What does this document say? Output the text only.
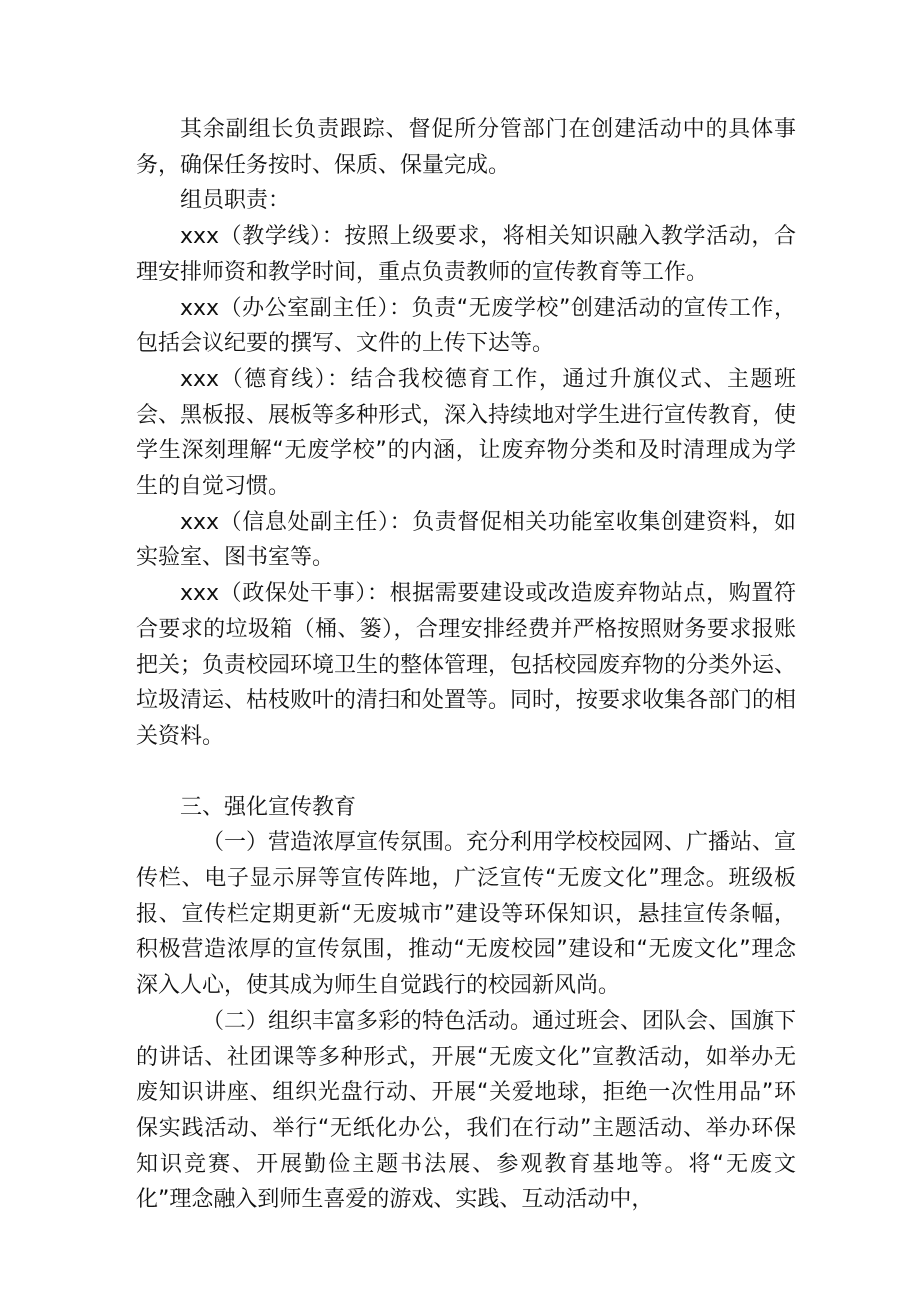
其余副组长负责跟踪、督促所分管部门在创建活动中的具体事务，确保任务按时、保质、保量完成。

组员职责：

xxx（教学线）：按照上级要求，将相关知识融入教学活动，合理安排师资和教学时间，重点负责教师的宣传教育等工作。

xxx（办公室副主任）：负责“无废学校”创建活动的宣传工作，包括会议纪要的撰写、文件的上传下达等。

xxx（德育线）：结合我校德育工作，通过升旗仪式、主题班会、黑板报、展板等多种形式，深入持续地对学生进行宣传教育，使学生深刻理解“无废学校”的内涵，让废弃物分类和及时清理成为学生的自觉习惯。

xxx（信息处副主任）：负责督促相关功能室收集创建资料，如实验室、图书室等。

xxx（政保处干事）：根据需要建设或改造废弃物站点，购置符合要求的垃圾箱（桶、篓），合理安排经费并严格按照财务要求报账把关；负责校园环境卫生的整体管理，包括校园废弃物的分类外运、垃圾清运、枯枝败叶的清扫和处置等。同时，按要求收集各部门的相关资料。

三、强化宣传教育

（一）营造浓厚宣传氛围。充分利用学校校园网、广播站、宣传栏、电子显示屏等宣传阵地，广泛宣传“无废文化”理念。班级板报、宣传栏定期更新“无废城市”建设等环保知识，悬挂宣传条幅，积极营造浓厚的宣传氛围，推动“无废校园”建设和“无废文化”理念深入人心，使其成为师生自觉践行的校园新风尚。

（二）组织丰富多彩的特色活动。通过班会、团队会、国旗下的讲话、社团课等多种形式，开展“无废文化”宣教活动，如举办无废知识讲座、组织光盘行动、开展“关爱地球，拒绝一次性用品”环保实践活动、举行“无纸化办公，我们在行动”主题活动、举办环保知识竞赛、开展勤俭主题书法展、参观教育基地等。将“无废文化”理念融入到师生喜爱的游戏、实践、互动活动中，
